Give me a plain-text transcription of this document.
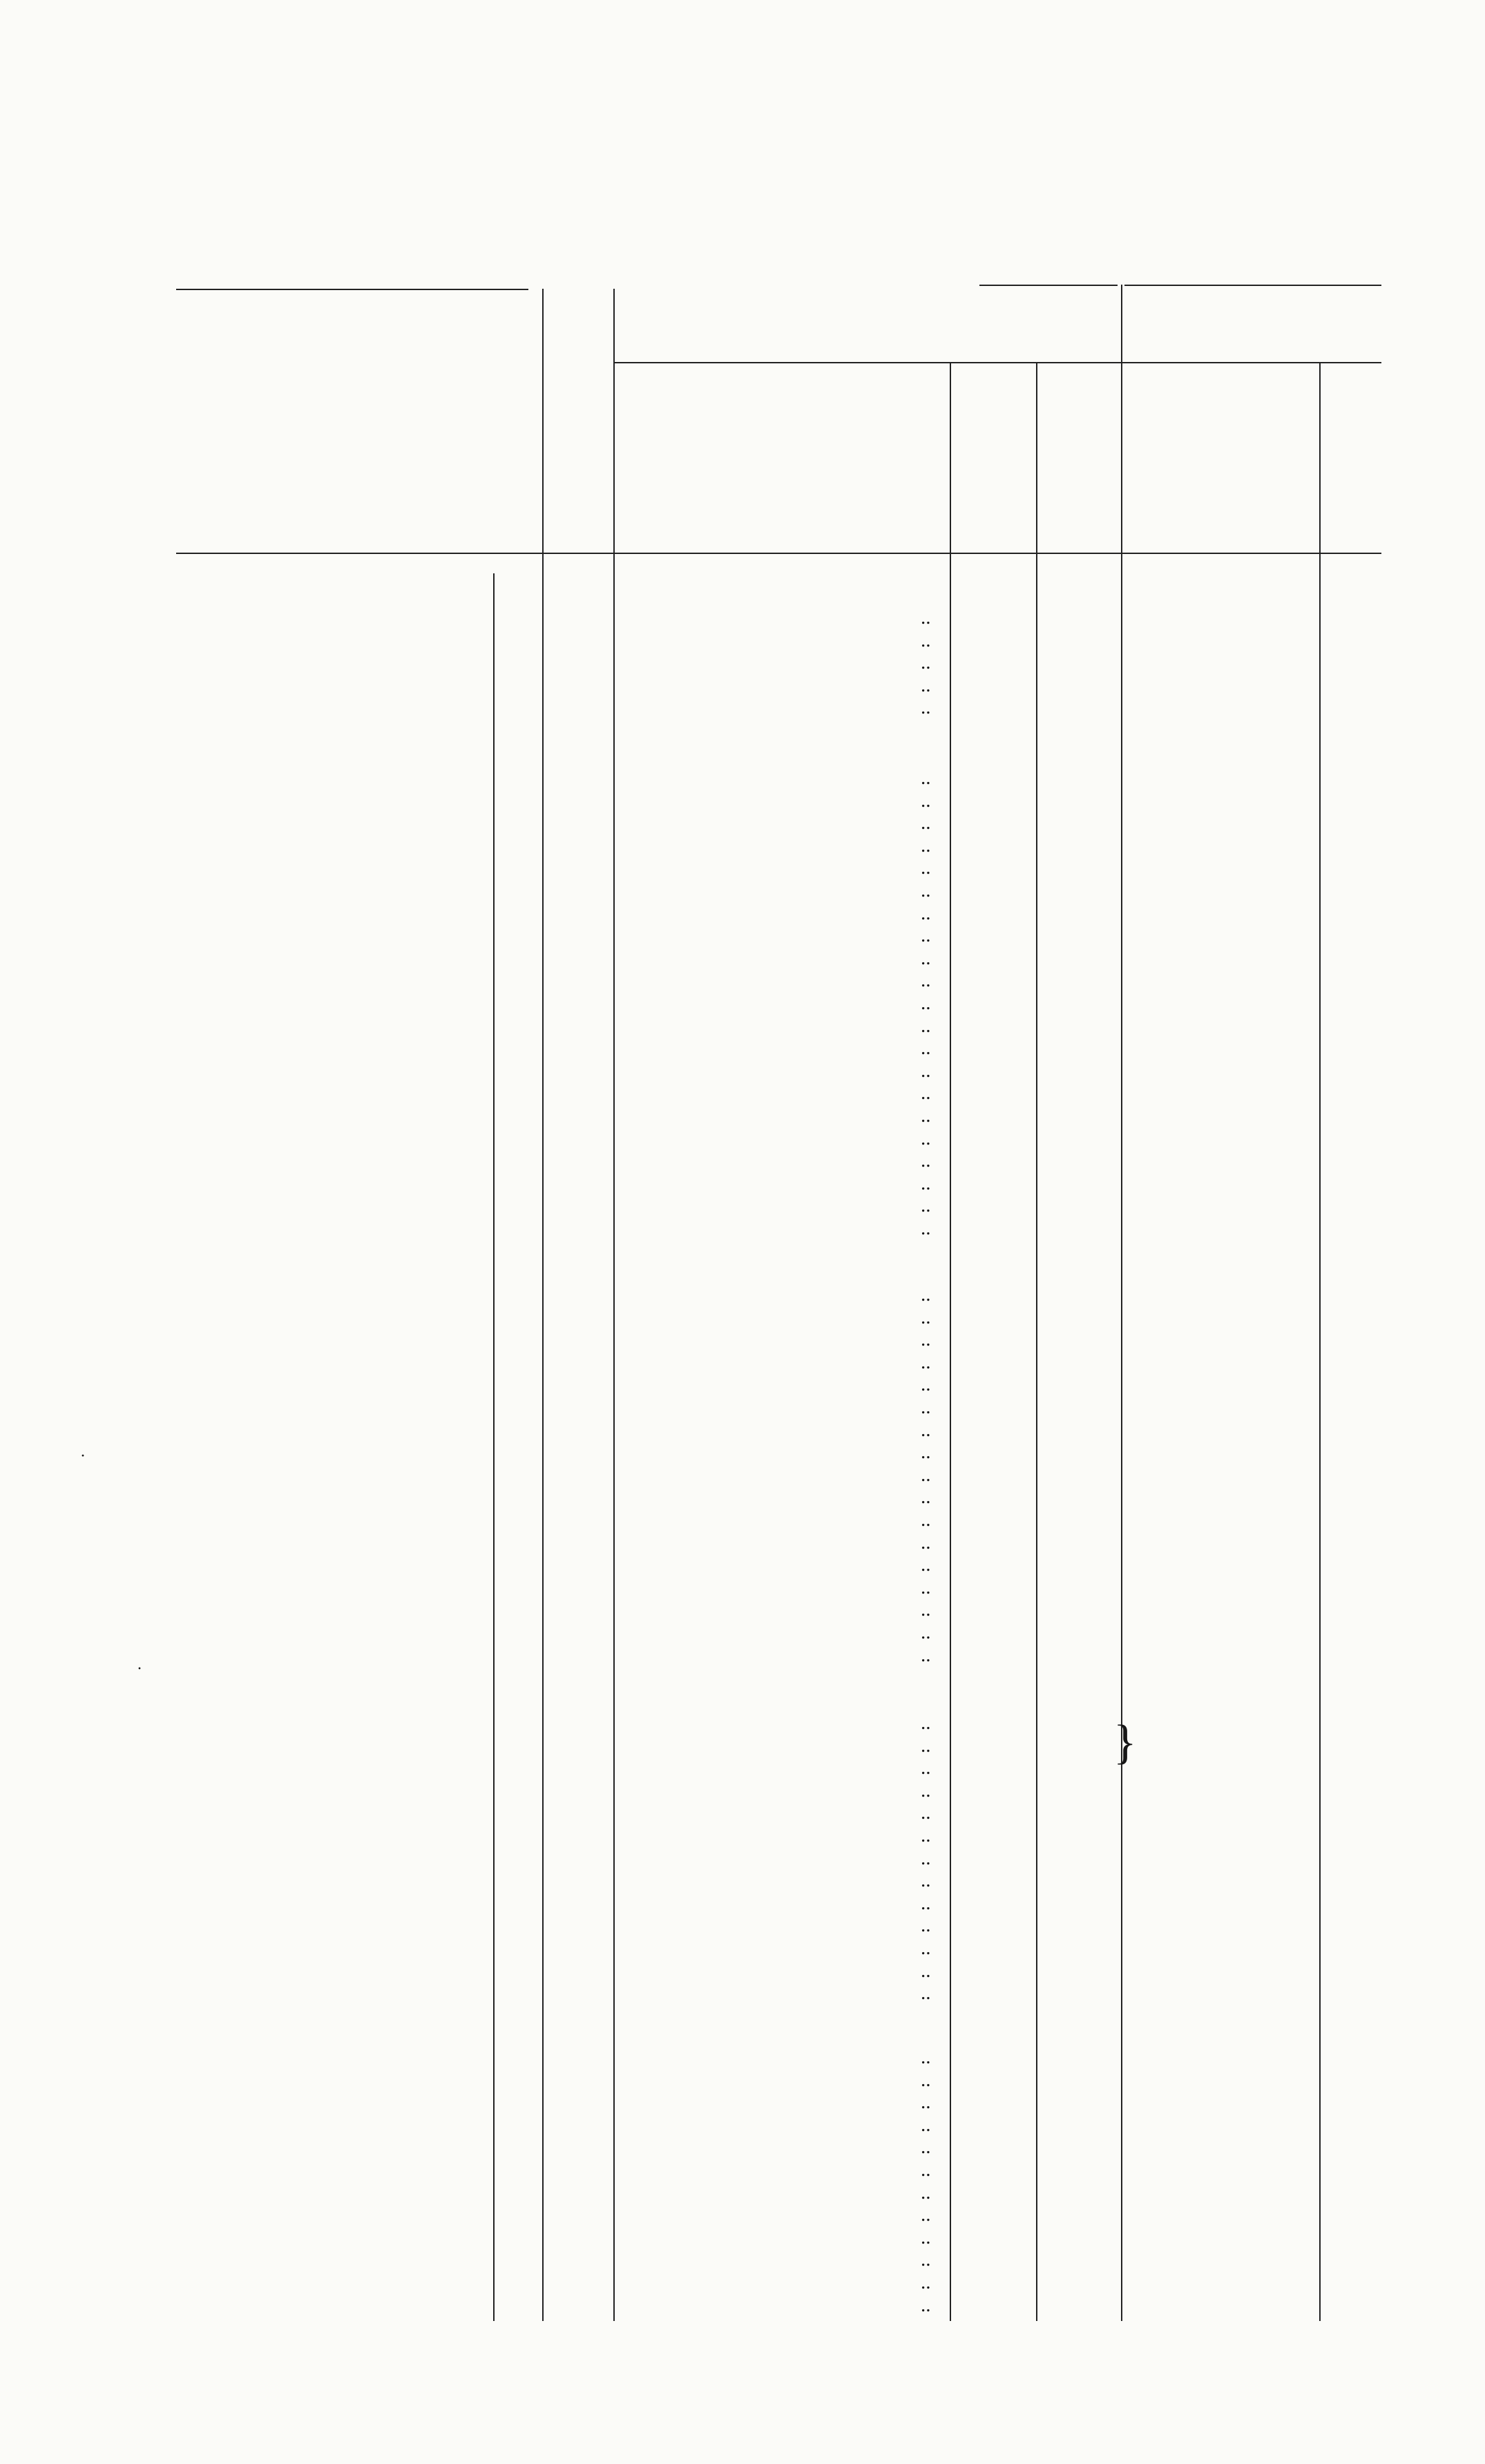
..
..
..
..
..
..
..
..
..
..
..
..
..
..
..
..
..
..
..
..
..
..
..
..
..
..
..
..
..
..
..
..
..
..
..
..
..
..
..
..
..
..
..
..
..
..
..
..
..
..
..
..
..
..
..
..
..
..
..
..
..
..
..
..
..
..
..
..
}
·
·
